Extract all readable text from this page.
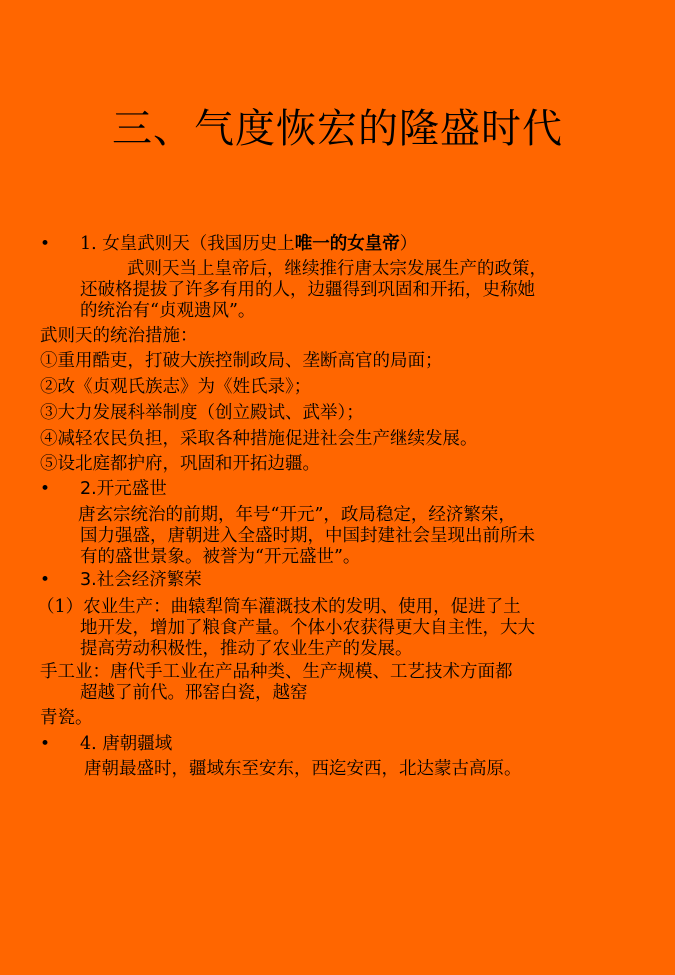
三、气度恢宏的隆盛时代
• 1. 女皇武则天（我国历史上唯一的女皇帝）
武则天当上皇帝后，继续推行唐太宗发展生产的政策，
还破格提拔了许多有用的人，边疆得到巩固和开拓，史称她
的统治有“贞观遗风”。
武则天的统治措施：
①重用酷吏，打破大族控制政局、垄断高官的局面；
②改《贞观氏族志》为《姓氏录》；
③大力发展科举制度（创立殿试、武举）；
④减轻农民负担，采取各种措施促进社会生产继续发展。
⑤设北庭都护府，巩固和开拓边疆。
• 2.开元盛世
唐玄宗统治的前期，年号“开元”，政局稳定，经济繁荣，
国力强盛，唐朝进入全盛时期，中国封建社会呈现出前所未
有的盛世景象。被誉为“开元盛世”。
• 3.社会经济繁荣
（1）农业生产：曲辕犁筒车灌溉技术的发明、使用，促进了土
地开发，增加了粮食产量。个体小农获得更大自主性，大大
提高劳动积极性，推动了农业生产的发展。
手工业：唐代手工业在产品种类、生产规模、工艺技术方面都
超越了前代。邢窑白瓷，越窑
青瓷。
• 4. 唐朝疆域
唐朝最盛时，疆域东至安东，西迄安西，北达蒙古高原。
